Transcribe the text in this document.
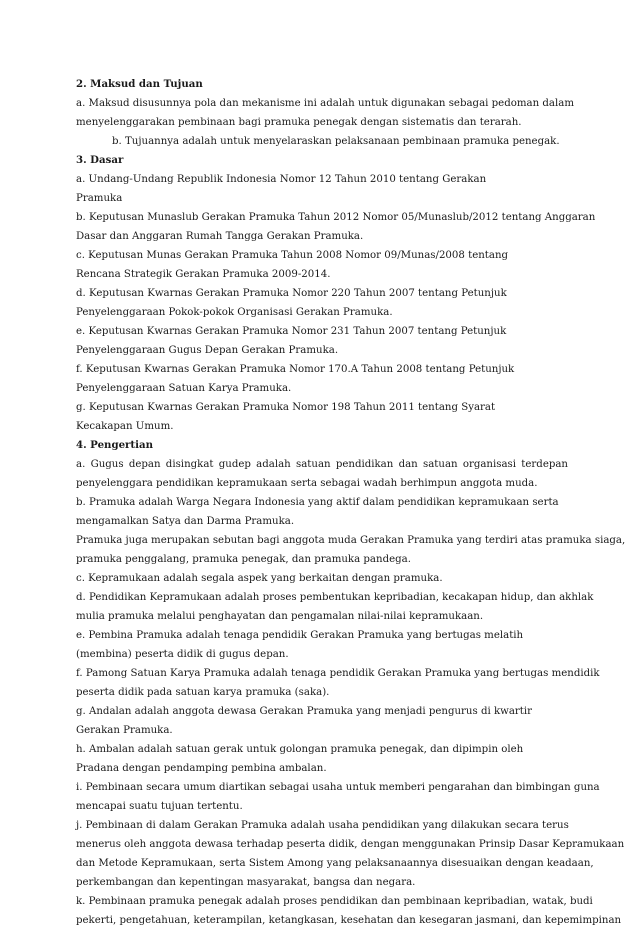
2. Maksud dan Tujuan
a. Maksud disusunnya pola dan mekanisme ini adalah untuk digunakan sebagai pedoman dalam
menyelenggarakan pembinaan bagi pramuka penegak dengan sistematis dan terarah.
b. Tujuannya adalah untuk menyelaraskan pelaksanaan pembinaan pramuka penegak.
3. Dasar
a. Undang-Undang Republik Indonesia Nomor 12 Tahun 2010 tentang Gerakan
Pramuka
b. Keputusan Munaslub Gerakan Pramuka Tahun 2012 Nomor 05/Munaslub/2012 tentang Anggaran
Dasar dan Anggaran Rumah Tangga Gerakan Pramuka.
c. Keputusan Munas Gerakan Pramuka Tahun 2008 Nomor 09/Munas/2008 tentang
Rencana Strategik Gerakan Pramuka 2009-2014.
d. Keputusan Kwarnas Gerakan Pramuka Nomor 220 Tahun 2007 tentang Petunjuk
Penyelenggaraan Pokok-pokok Organisasi Gerakan Pramuka.
e. Keputusan Kwarnas Gerakan Pramuka Nomor 231 Tahun 2007 tentang Petunjuk
Penyelenggaraan Gugus Depan Gerakan Pramuka.
f. Keputusan Kwarnas Gerakan Pramuka Nomor 170.A Tahun 2008 tentang Petunjuk
Penyelenggaraan Satuan Karya Pramuka.
g. Keputusan Kwarnas Gerakan Pramuka Nomor 198 Tahun 2011 tentang Syarat
Kecakapan Umum.
4. Pengertian
a. Gugus depan disingkat gudep adalah satuan pendidikan dan satuan organisasi terdepan
penyelenggara pendidikan kepramukaan serta sebagai wadah berhimpun anggota muda.
b. Pramuka adalah Warga Negara Indonesia yang aktif dalam pendidikan kepramukaan serta
mengamalkan Satya dan Darma Pramuka.
Pramuka juga merupakan sebutan bagi anggota muda Gerakan Pramuka yang terdiri atas pramuka siaga,
pramuka penggalang, pramuka penegak, dan pramuka pandega.
c. Kepramukaan adalah segala aspek yang berkaitan dengan pramuka.
d. Pendidikan Kepramukaan adalah proses pembentukan kepribadian, kecakapan hidup, dan akhlak
mulia pramuka melalui penghayatan dan pengamalan nilai-nilai kepramukaan.
e. Pembina Pramuka adalah tenaga pendidik Gerakan Pramuka yang bertugas melatih
(membina) peserta didik di gugus depan.
f. Pamong Satuan Karya Pramuka adalah tenaga pendidik Gerakan Pramuka yang bertugas mendidik
peserta didik pada satuan karya pramuka (saka).
g. Andalan adalah anggota dewasa Gerakan Pramuka yang menjadi pengurus di kwartir
Gerakan Pramuka.
h. Ambalan adalah satuan gerak untuk golongan pramuka penegak, dan dipimpin oleh
Pradana dengan pendamping pembina ambalan.
i. Pembinaan secara umum diartikan sebagai usaha untuk memberi pengarahan dan bimbingan guna
mencapai suatu tujuan tertentu.
j. Pembinaan di dalam Gerakan Pramuka adalah usaha pendidikan yang dilakukan secara terus
menerus oleh anggota dewasa terhadap peserta didik, dengan menggunakan Prinsip Dasar Kepramukaan
dan Metode Kepramukaan, serta Sistem Among yang pelaksanaannya disesuaikan dengan keadaan,
perkembangan dan kepentingan masyarakat, bangsa dan negara.
k. Pembinaan pramuka penegak adalah proses pendidikan dan pembinaan kepribadian, watak, budi
pekerti, pengetahuan, keterampilan, ketangkasan, kesehatan dan kesegaran jasmani, dan kepemimpinan
